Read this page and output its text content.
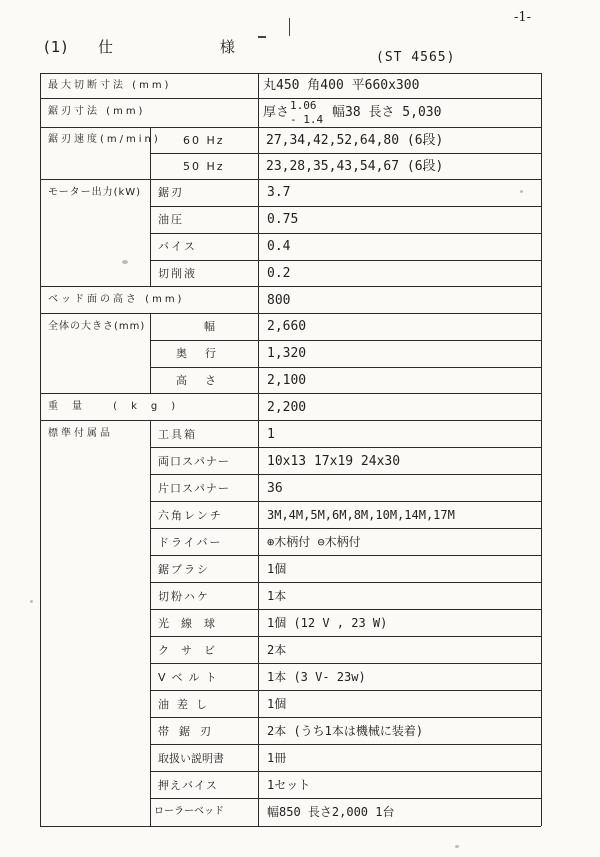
-1-
(1) 仕	様
(ST 4565)
最大切断寸法 (mm)	丸450 角400 平660x300
鋸刃寸法 (mm)	厚さ 1.06
- 1.4 幅38 長さ 5,030
鋸刃速度(m/min) 60 Hz	27,34,42,52,64,80 (6段)
50 Hz	23,28,35,43,54,67 (6段)
モーター出力(kW) 鋸刃	3.7
油圧	0.75
バイス	0.4
切削液	0.2
ベッド面の高さ (mm)	800
全体の大きさ(mm)	幅	2,660
奥行	1,320
高さ	2,100
重量 (kg)	2,200
標準付属品	工具箱	1
両口スパナー	10x13 17x19 24x30
片口スパナー	36
六角レンチ	3M,4M,5M,6M,8M,10M,14M,17M
ドライバー	⊕木柄付 ⊖木柄付
鋸ブラシ	1個
切粉ハケ	1本
光線球	1個 (12 V , 23 W)
クサビ	2本
Vベルト	1本 (3 V- 23w)
油差し	1個
帯鋸刃	2本 (うち1本は機械に装着)
取扱い説明書	1冊
押えバイス	1セット
ローラーベッド	幅850 長さ2,000 1台
